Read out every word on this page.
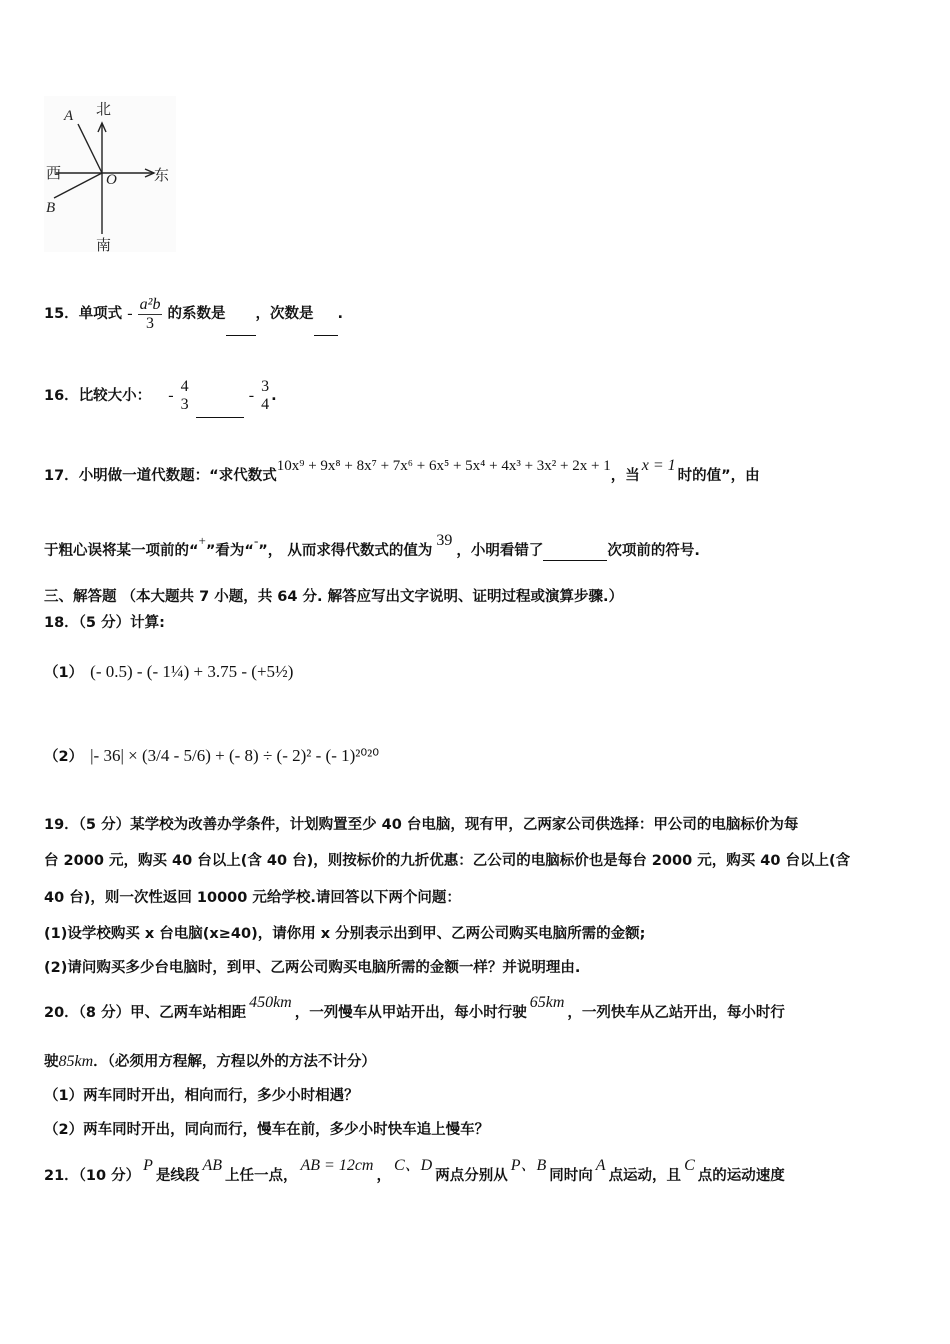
北
南
东
西	O
A
B
15．单项式 - $\frac{\text{a²b}}{3}$ 的系数是 ，次数是 .
16．比较大小： -
4
3
-
3
4 .
17．小明做一道代数题：“求代数式10x⁹ + 9x⁸ + 8x⁷ + 7x⁶ + 6x⁵ + 5x⁴ + 4x³ + 3x² + 2x + 1，当x = 1时的值”，由
于粗心误将某一项前的“+”看为“-”， 从而求得代数式的值为39，小明看错了	次项前的符号.
三、解答题 （本大题共 7 小题，共 64 分. 解答应写出文字说明、证明过程或演算步骤.）
18．（5 分）计算:
（1） (- 0.5) - (- 1¼) + 3.75 - (+5½)
（2） |- 36| × (3/4 - 5/6) + (- 8) ÷ (- 2)² - (- 1)²⁰²⁰
19．（5 分）某学校为改善办学条件，计划购置至少 40 台电脑，现有甲，乙两家公司供选择：甲公司的电脑标价为每
台 2000 元，购买 40 台以上(含 40 台)，则按标价的九折优惠：乙公司的电脑标价也是每台 2000 元，购买 40 台以上(含
40 台)，则一次性返回 10000 元给学校.请回答以下两个问题：
(1)设学校购买 x 台电脑(x≥40)，请你用 x 分别表示出到甲、乙两公司购买电脑所需的金额;
(2)请问购买多少台电脑时，到甲、乙两公司购买电脑所需的金额一样？并说明理由.
20．（8 分）甲、乙两车站相距450km，一列慢车从甲站开出，每小时行驶65km，一列快车从乙站开出，每小时行
驶85km．（必须用方程解，方程以外的方法不计分）
（1）两车同时开出，相向而行，多少小时相遇？
（2）两车同时开出，同向而行，慢车在前，多少小时快车追上慢车？
21．（10 分）P是线段AB上任一点，AB = 12cm，C、D两点分别从P、B同时向A点运动，且C点的运动速度
